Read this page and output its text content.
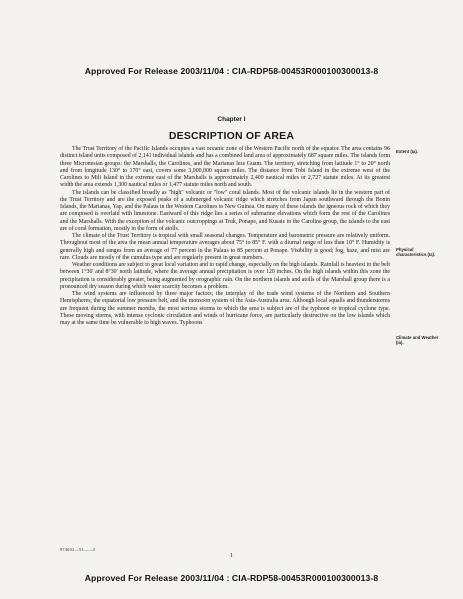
Approved For Release 2003/11/04 : CIA-RDP58-00453R000100300013-8
Chapter I
DESCRIPTION OF AREA
Extent (Ia).
Physical characteristics (Ia).
Climate and Weather (Ia).

The Trust Territory of the Pacific Islands occupies a vast oceanic zone of the Western Pacific north of the equator. The area contains 96 distinct island units composed of 2,141 individual islands and has a combined land area of approximately 687 square miles. The islands form three Micronesian groups: the Marshalls, the Carolines, and the Marianas less Guam. The territory, stretching from latitude 1° to 20° north and from longitude 130° to 170° east, covers some 3,000,000 square miles. The distance from Tobi Island in the extreme west of the Carolines to Mili Island in the extreme east of the Marshalls is approximately 2,400 nautical miles or 2,727 statute miles. At its greatest width the area extends 1,300 nautical miles or 1,477 statute miles north and south.

The islands can be classified broadly as "high" volcanic or "low" coral islands. Most of the volcanic islands lie in the western part of the Trust Territory and are the exposed peaks of a submerged volcanic ridge which stretches from Japan southward through the Bonin Islands, the Marianas, Yap, and the Palaus in the Western Carolines to New Guinea. On many of these islands the igneous rock of which they are composed is overlaid with limestone. Eastward of this ridge lies a series of submarine elevations which form the rest of the Carolines and the Marshalls. With the exception of the volcanic outcroppings at Truk, Ponape, and Kusaie in the Caroline group, the islands to the east are of coral formation, mostly in the form of atolls.

The climate of the Trust Territory is tropical with small seasonal changes. Temperature and barometric pressure are relatively uniform. Throughout most of the area the mean annual temperature averages about 75° to 85° F. with a diurnal range of less than 10° F. Humidity is generally high and ranges from an average of 77 percent in the Palaus to 85 percent at Ponape. Visibility is good; fog, haze, and mist are rare. Clouds are mostly of the cumulus type and are regularly present in great numbers.

Weather conditions are subject to great local variation and to rapid change, especially on the high islands. Rainfall is heaviest in the belt between 1°30' and 8°30' north latitude, where the average annual precipitation is over 120 inches. On the high islands within this zone the precipitation is considerably greater, being augmented by orographic rain. On the northern islands and atolls of the Marshall group there is a pronounced dry season during which water scarcity becomes a problem.

The wind systems are influenced by three major factors; the interplay of the trade wind systems of the Northern and Southern Hemispheres, the equatorial low pressure belt, and the monsoon system of the Asia-Australia area. Although local squalls and thunderstorms are frequent during the summer months, the most serious storms to which the area is subject are of the typhoon or tropical cyclone type. These moving storms, with intense cyclonic circulation and winds of hurricane force, are particularly destructive on the low islands which may at the same time be vulnerable to high waves. Typhoons

974602—51——2
1
Approved For Release 2003/11/04 : CIA-RDP58-00453R000100300013-8
